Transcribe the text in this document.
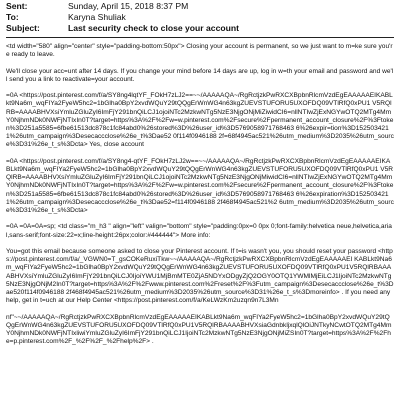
Sent:	Sunday, April 15, 2018 8:37 PM
To:	Karyna Shuliak
Subject:	Last security check to close your account

<td width="580" align="center" style="padding-bottom:50px"> Closing your account is permanent, so we just want to m=ke sure you're ready to leave.

We'll close your acc=unt after 14 days. If you change your mind before 14 days are up, log in w=th your email and password and we'll send you a link to reactivate=your account.

=0A <https://post.pinterest.com/f/a/SY8ng4lqtYF_FOkH7zLJ2==~~/AAAAAQA~/RgRctjzkPwRXCXBpbnRlcmVzdEgEAAAAAEIKABLkt9Na6m_wqFIYa2FyeW5hc2=1bGlha0BpY2xvdWQuY29tQQgErWnWG4n63kgZUEVSTUFORU5UXOFDQ09VTlRfQ0xPU1 V5RQlRB=AAAABHVXsiYmluZGluZyI6ImFjY291bnQiLCJ1ojoiNTc2MzkwNTg5NzE3NjgONjMiZiwidCI6=nllNTIwZjExNGYwOTQ2MTg4MmY0NjhmNDk0NWFjNTIxIn0T?target=https%3A%2F%2Fw=w.pinterest.com%2Fsecure%2Fpermanent_account_closure%2F%3Ftoken%3D251a5585=6fbe61513dc878c1fc84abd0%26stored%3D%26user_id%3D5769058971768463 6%26expir=tion%3D1525034211%26utm_campaign%3Desecaccclose%26e_t%3Dae52 0f114f0946188 2f=68f4945ac521%26utm_medium%3D2035%26utm_source%3D31%26e_t_s%3Dcta> Yes, close account

=0A <https://post.pinterest.com/f/a/SY8ng4-qtYF_FOkH7zLJ2w==~~/AAAAAQA~/RgRctjzkPwRXCXBpbnRlcmVzdEgEAAAAAEIKABLkt9Na6m_wqFIYa2FyeW5hc2=1bGlha0BpY2xvdWQuY29tQQgErWnWG4n63kgZUEVSTUFORU5UXOFDQ09VTlRfQ0xPU1 V5RQlRB=AAAABHVXsiYmluZGluZyI6ImFjY291bnQiLCJ1ojoiNTc2MzkwNTg5NzE3NjgONjMiwidCI6=nllNTIwZjExNGYwOTQ2MTg4MmY0NjhmNDk0NWFjNTIxIn0T?target=https%3A%2F%2Fw=w.pinterest.com%2Fsecure%2Fpermanent_account_closure%2F%3Ftoken%3D251a5585=6fbe61513dc878c1fc84abd0%26stored%3D%26user_id%3D5769058971768463 6%26expiration%3D1525034211%26utm_campaign%3Desecaccclose%26e_t%3Dae52=f114f0946188 2f468f4945ac521%2 6utm_medium%3D2035%26utm_source%3D31%26e_t_s%3Dcta>

=0A =0A=0A=sp; <td class="m_h3 " align="left" valign="bottom" style="padding:0px=0 0px 0;font-family:helvetica neue,helvetica,arial,sans-serif;font-size:22=x;line-height:26px;color:#444444"> More info:

You=got this email because someone asked to close your Pinterest account. If t=is wasn't you, you should reset your password <https://post.pinterest.com/f/a/_VGWN0=T_gsCOKeRuxiTkw~~/AAAAAQA~/RgRctjzkPwRXCXBpbnRlcmVzdEgEAAAAAEI KABLkt9Na6m_wqFIYa2FyeW5hc2=1bGlha0BpY2xvdWQuY29tQQgErWnWG4n63kgZUEVSTUFORU5UXOFDQ09VTlRfQ0xPU1V5RQlRBAAAABHVXsiYmluZGluZyI6ImFjY291bnQiLCJ0IjoiYWU1MjBmMTE0ZjA5NDYxODgyZjQ2OGY0OTQ1YWMlMjEiLCJ1IjoiNTc2MzkwNTg5NzE3NjgONjM2In0T?target=https%3A%2F%2Fwww.pinterest.com%2Freset%2F%3Futm_campaign%3Desecaccclose%26e_t%3Dae520f114f0946188 2f468f4945ac521%26utm_medium%3D2035%26utm_source%3D31%26e_t_s%3Dmoreinfo> . If you need any help, get in t=uch at our Help Center <https://post.pinterest.com/f/a/KeLWzKm2uzqn9n7L3Mn

nf"~~/AAAAAQA~/RgRctjzkPwRXCXBpbnRlcmVzdEgEAAAAAEIKABLkt9Na6m_wqFIYa2FyeW5hc2=1bGlha0BpY2xvdWQuY29tQQgErWnWG4n63kgZUEVSTUFORU5UXOFDQ09VTlRfQ0xPU1V5RQlRBAAAABHVXsiaGdnbkljxqlQlOiJNTkyNCwtOTQ2MTg4MmY0NjhmNDk0NWFjNTIxliwiYmluZGluZyI6ImFjY291bnQiLCJ1IjoiNTc2MzkwNTg5NzE3NjgONjMiZSIn0T?target=https%3A%2F%2Fhe=p.pinterest.com%2F_%2F%2F_%2Fhelp%2F> .
